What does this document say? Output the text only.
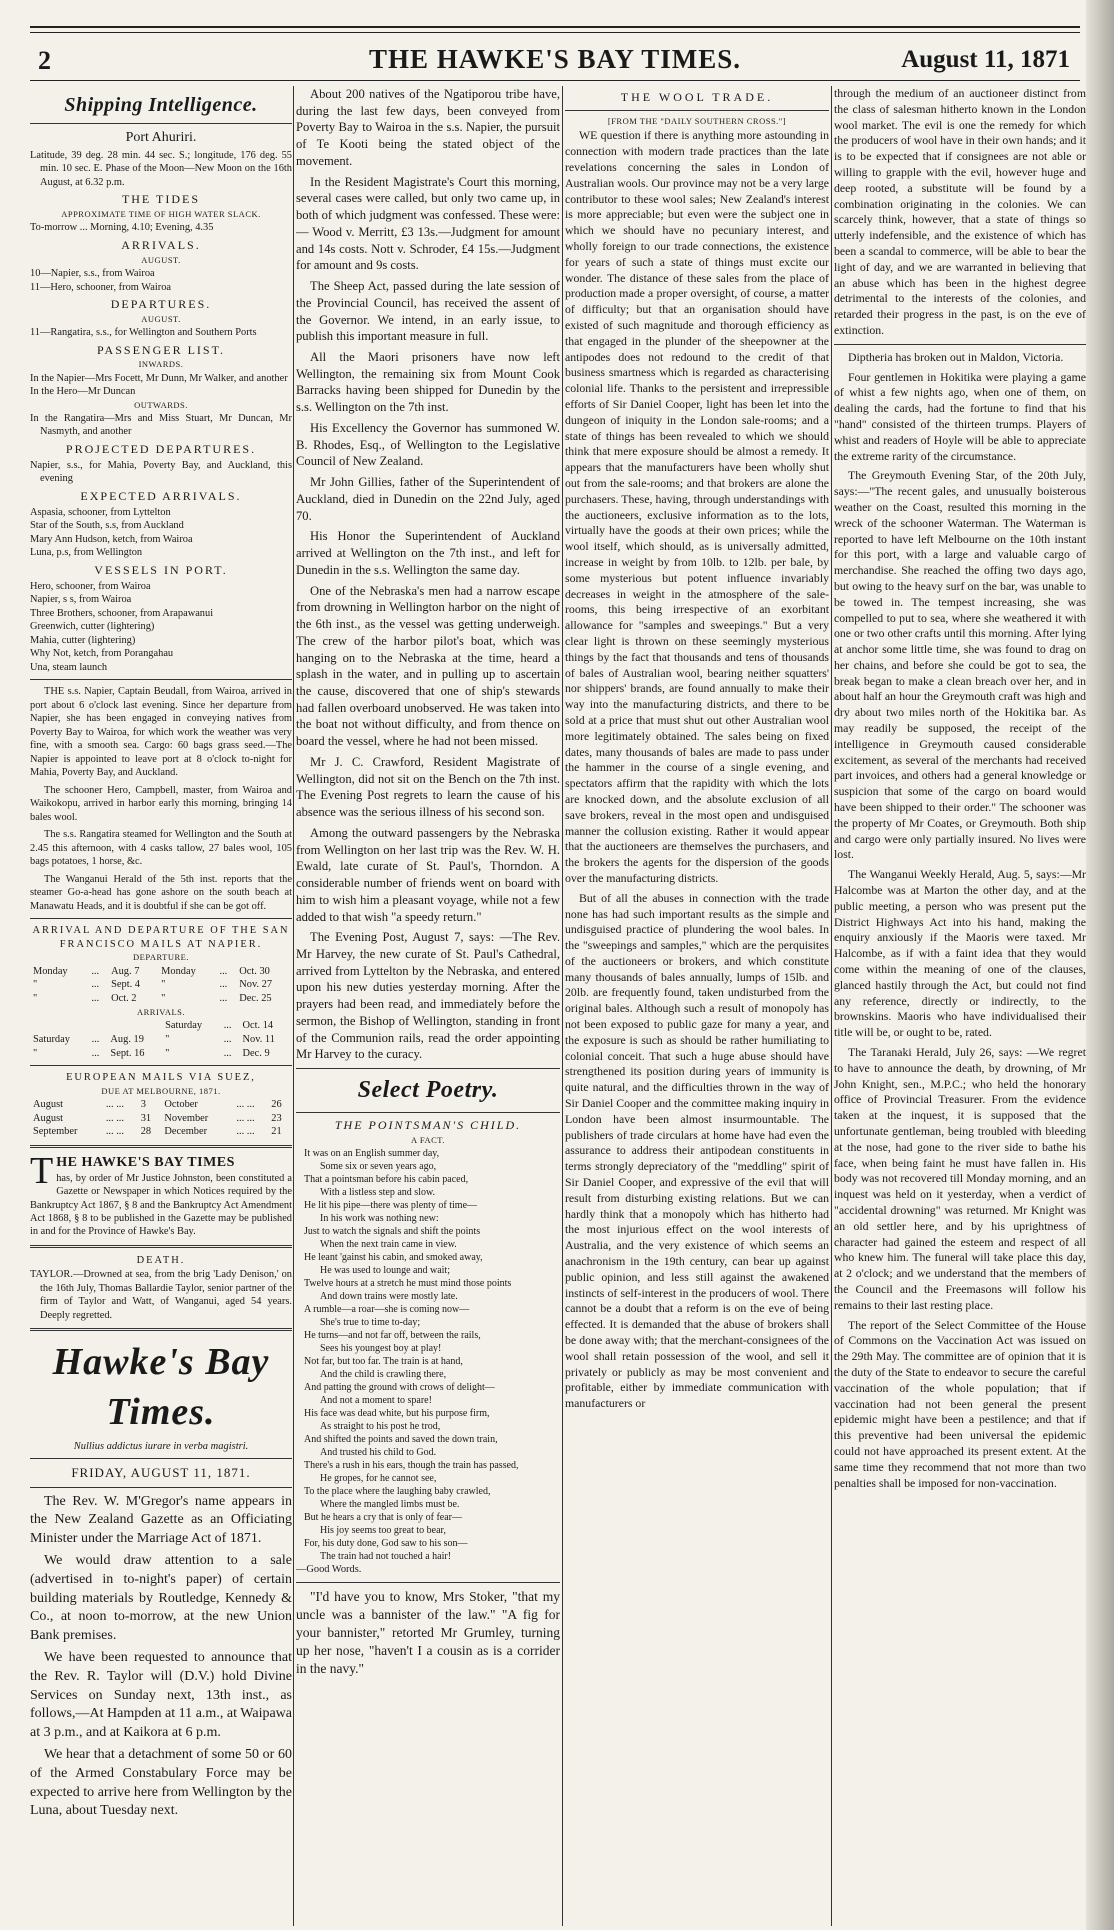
2	THE HAWKE'S BAY TIMES.	August 11, 1871
Shipping Intelligence.
Port Ahuriri.
Latitude, 39 deg. 28 min. 44 sec. S.; longitude, 176 deg. 55 min. 10 sec. E. Phase of the Moon—New Moon on the 16th August, at 6.32 p.m.
THE TIDES
APPROXIMATE TIME OF HIGH WATER SLACK.
To-morrow ... Morning, 4.10; Evening, 4.35
ARRIVALS.
AUGUST.
10—Napier, s.s., from Wairoa
11—Hero, schooner, from Wairoa
DEPARTURES.
AUGUST.
11—Rangatira, s.s., for Wellington and Southern Ports
PASSENGER LIST.
INWARDS.
In the Napier—Mrs Focett, Mr Dunn, Mr Walker, and another
In the Hero—Mr Duncan
OUTWARDS.
In the Rangatira—Mrs and Miss Stuart, Mr Duncan, Mr Nasmyth, and another
PROJECTED DEPARTURES.
Napier, s.s., for Mahia, Poverty Bay, and Auckland, this evening
EXPECTED ARRIVALS.
Aspasia, schooner, from Lyttelton
Star of the South, s.s, from Auckland
Mary Ann Hudson, ketch, from Wairoa
Luna, p.s, from Wellington
VESSELS IN PORT.
Hero, schooner, from Wairoa
Napier, s s, from Wairoa
Three Brothers, schooner, from Arapawanui
Greenwich, cutter (lightering)
Mahia, cutter (lightering)
Why Not, ketch, from Porangahau
Una, steam launch

THE s.s. Napier, Captain Beudall, from Wairoa, arrived in port about 6 o'clock last evening. Since her departure from Napier, she has been engaged in conveying natives from Poverty Bay to Wairoa, for which work the weather was very fine, with a smooth sea. Cargo: 60 bags grass seed.—The Napier is appointed to leave port at 8 o'clock to-night for Mahia, Poverty Bay, and Auckland.

The schooner Hero, Campbell, master, from Wairoa and Waikokopu, arrived in harbor early this morning, bringing 14 bales wool.

The s.s. Rangatira steamed for Wellington and the South at 2.45 this afternoon, with 4 casks tallow, 27 bales wool, 105 bags potatoes, 1 horse, &c.

The Wanganui Herald of the 5th inst. reports that the steamer Go-a-head has gone ashore on the south beach at Manawatu Heads, and it is doubtful if she can be got off.

ARRIVAL AND DEPARTURE OF THE SAN FRANCISCO MAILS AT NAPIER.
DEPARTURE.
Monday	...	Aug. 7	Monday	...	Oct. 30
"	...	Sept. 4	"	...	Nov. 27
"	...	Oct. 2	"	...	Dec. 25
ARRIVALS.
			Saturday	...	Oct. 14
Saturday	...	Aug. 19	"	...	Nov. 11
"	...	Sept. 16	"	...	Dec. 9
EUROPEAN MAILS VIA SUEZ,
DUE AT MELBOURNE, 1871.
August	... ...	3	October	... ...	26
August	... ...	31	November	... ...	23
September	... ...	28	December	... ...	21
T HE HAWKE'S BAY TIMES
has, by order of Mr Justice Johnston, been constituted a Gazette or Newspaper in which Notices required by the Bankruptcy Act 1867, § 8 and the Bankruptcy Act Amendment Act 1868, § 8 to be published in the Gazette may be published in and for the Province of Hawke's Bay.
DEATH.
TAYLOR.—Drowned at sea, from the brig 'Lady Denison,' on the 16th July, Thomas Ballardie Taylor, senior partner of the firm of Taylor and Watt, of Wanganui, aged 54 years. Deeply regretted.
Hawke's Bay Times.
Nullius addictus iurare in verba magistri.
FRIDAY, AUGUST 11, 1871.

The Rev. W. M'Gregor's name appears in the New Zealand Gazette as an Officiating Minister under the Marriage Act of 1871.

We would draw attention to a sale (advertised in to-night's paper) of certain building materials by Routledge, Kennedy & Co., at noon to-morrow, at the new Union Bank premises.

We have been requested to announce that the Rev. R. Taylor will (D.V.) hold Divine Services on Sunday next, 13th inst., as follows,—At Hampden at 11 a.m., at Waipawa at 3 p.m., and at Kaikora at 6 p.m.

We hear that a detachment of some 50 or 60 of the Armed Constabulary Force may be expected to arrive here from Wellington by the Luna, about Tuesday next.

About 200 natives of the Ngatiporou tribe have, during the last few days, been conveyed from Poverty Bay to Wairoa in the s.s. Napier, the pursuit of Te Kooti being the stated object of the movement.

In the Resident Magistrate's Court this morning, several cases were called, but only two came up, in both of which judgment was confessed. These were:— Wood v. Merritt, £3 13s.—Judgment for amount and 14s costs. Nott v. Schroder, £4 15s.—Judgment for amount and 9s costs.

The Sheep Act, passed during the late session of the Provincial Council, has received the assent of the Governor. We intend, in an early issue, to publish this important measure in full.

All the Maori prisoners have now left Wellington, the remaining six from Mount Cook Barracks having been shipped for Dunedin by the s.s. Wellington on the 7th inst.

His Excellency the Governor has summoned W. B. Rhodes, Esq., of Wellington to the Legislative Council of New Zealand.

Mr John Gillies, father of the Superintendent of Auckland, died in Dunedin on the 22nd July, aged 70.

His Honor the Superintendent of Auckland arrived at Wellington on the 7th inst., and left for Dunedin in the s.s. Wellington the same day.

One of the Nebraska's men had a narrow escape from drowning in Wellington harbor on the night of the 6th inst., as the vessel was getting underweigh. The crew of the harbor pilot's boat, which was hanging on to the Nebraska at the time, heard a splash in the water, and in pulling up to ascertain the cause, discovered that one of ship's stewards had fallen overboard unobserved. He was taken into the boat not without difficulty, and from thence on board the vessel, where he had not been missed.

Mr J. C. Crawford, Resident Magistrate of Wellington, did not sit on the Bench on the 7th inst. The Evening Post regrets to learn the cause of his absence was the serious illness of his second son.

Among the outward passengers by the Nebraska from Wellington on her last trip was the Rev. W. H. Ewald, late curate of St. Paul's, Thorndon. A considerable number of friends went on board with him to wish him a pleasant voyage, while not a few added to that wish "a speedy return."

The Evening Post, August 7, says: —The Rev. Mr Harvey, the new curate of St. Paul's Cathedral, arrived from Lyttelton by the Nebraska, and entered upon his new duties yesterday morning. After the prayers had been read, and immediately before the sermon, the Bishop of Wellington, standing in front of the Communion rails, read the order appointing Mr Harvey to the curacy.

Select Poetry.
THE POINTSMAN'S CHILD.
A FACT.
It was on an English summer day,
Some six or seven years ago,
That a pointsman before his cabin paced,
With a listless step and slow.
He lit his pipe—there was plenty of time—
In his work was nothing new:
Just to watch the signals and shift the points
When the next train came in view.
He leant 'gainst his cabin, and smoked away,
He was used to lounge and wait;
Twelve hours at a stretch he must mind those points
And down trains were mostly late.
A rumble—a roar—she is coming now—
She's true to time to-day;
He turns—and not far off, between the rails,
Sees his youngest boy at play!
Not far, but too far. The train is at hand,
And the child is crawling there,
And patting the ground with crows of delight—
And not a moment to spare!
His face was dead white, but his purpose firm,
As straight to his post he trod,
And shifted the points and saved the down train,
And trusted his child to God.
There's a rush in his ears, though the train has passed,
He gropes, for he cannot see,
To the place where the laughing baby crawled,
Where the mangled limbs must be.
But he hears a cry that is only of fear—
His joy seems too great to bear,
For, his duty done, God saw to his son—
The train had not touched a hair!
—Good Words.

"I'd have you to know, Mrs Stoker, "that my uncle was a bannister of the law." "A fig for your bannister," retorted Mr Grumley, turning up her nose, "haven't I a cousin as is a corrider in the navy."

THE WOOL TRADE.
[FROM THE "DAILY SOUTHERN CROSS."]

WE question if there is anything more astounding in connection with modern trade practices than the late revelations concerning the sales in London of Australian wools. Our province may not be a very large contributor to these wool sales; New Zealand's interest is more appreciable; but even were the subject one in which we should have no pecuniary interest, and wholly foreign to our trade connections, the existence for years of such a state of things must excite our wonder. The distance of these sales from the place of production made a proper oversight, of course, a matter of difficulty; but that an organisation should have existed of such magnitude and thorough efficiency as that engaged in the plunder of the sheepowner at the antipodes does not redound to the credit of that business smartness which is regarded as characterising colonial life. Thanks to the persistent and irrepressible efforts of Sir Daniel Cooper, light has been let into the dungeon of iniquity in the London sale-rooms; and a state of things has been revealed to which we should think that mere exposure should be almost a remedy. It appears that the manufacturers have been wholly shut out from the sale-rooms; and that brokers are alone the purchasers. These, having, through understandings with the auctioneers, exclusive information as to the lots, virtually have the goods at their own prices; while the wool itself, which should, as is universally admitted, increase in weight by from 10lb. to 12lb. per bale, by some mysterious but potent influence invariably decreases in weight in the atmosphere of the sale-rooms, this being irrespective of an exorbitant allowance for "samples and sweepings." But a very clear light is thrown on these seemingly mysterious things by the fact that thousands and tens of thousands of bales of Australian wool, bearing neither squatters' nor shippers' brands, are found annually to make their way into the manufacturing districts, and there to be sold at a price that must shut out other Australian wool more legitimately obtained. The sales being on fixed dates, many thousands of bales are made to pass under the hammer in the course of a single evening, and spectators affirm that the rapidity with which the lots are knocked down, and the absolute exclusion of all save brokers, reveal in the most open and undisguised manner the collusion existing. Rather it would appear that the auctioneers are themselves the purchasers, and the brokers the agents for the dispersion of the goods over the manufacturing districts.

But of all the abuses in connection with the trade none has had such important results as the simple and undisguised practice of plundering the wool bales. In the "sweepings and samples," which are the perquisites of the auctioneers or brokers, and which constitute many thousands of bales annually, lumps of 15lb. and 20lb. are frequently found, taken undisturbed from the original bales. Although such a result of monopoly has not been exposed to public gaze for many a year, and the exposure is such as should be rather humiliating to colonial conceit. That such a huge abuse should have strengthened its position during years of immunity is quite natural, and the difficulties thrown in the way of Sir Daniel Cooper and the committee making inquiry in London have been almost insurmountable. The publishers of trade circulars at home have had even the assurance to address their antipodean constituents in terms strongly depreciatory of the "meddling" spirit of Sir Daniel Cooper, and expressive of the evil that will result from disturbing existing relations. But we can hardly think that a monopoly which has hitherto had the most injurious effect on the wool interests of Australia, and the very existence of which seems an anachronism in the 19th century, can bear up against public opinion, and less still against the awakened instincts of self-interest in the producers of wool. There cannot be a doubt that a reform is on the eve of being effected. It is demanded that the abuse of brokers shall be done away with; that the merchant-consignees of the wool shall retain possession of the wool, and sell it privately or publicly as may be most convenient and profitable, either by immediate communication with manufacturers or

through the medium of an auctioneer distinct from the class of salesman hitherto known in the London wool market. The evil is one the remedy for which the producers of wool have in their own hands; and it is to be expected that if consignees are not able or willing to grapple with the evil, however huge and deep rooted, a substitute will be found by a combination originating in the colonies. We can scarcely think, however, that a state of things so utterly indefensible, and the existence of which has been a scandal to commerce, will be able to bear the light of day, and we are warranted in believing that an abuse which has been in the highest degree detrimental to the interests of the colonies, and retarded their progress in the past, is on the eve of extinction.

Diptheria has broken out in Maldon, Victoria.

Four gentlemen in Hokitika were playing a game of whist a few nights ago, when one of them, on dealing the cards, had the fortune to find that his "hand" consisted of the thirteen trumps. Players of whist and readers of Hoyle will be able to appreciate the extreme rarity of the circumstance.

The Greymouth Evening Star, of the 20th July, says:—"The recent gales, and unusually boisterous weather on the Coast, resulted this morning in the wreck of the schooner Waterman. The Waterman is reported to have left Melbourne on the 10th instant for this port, with a large and valuable cargo of merchandise. She reached the offing two days ago, but owing to the heavy surf on the bar, was unable to be towed in. The tempest increasing, she was compelled to put to sea, where she weathered it with one or two other crafts until this morning. After lying at anchor some little time, she was found to drag on her chains, and before she could be got to sea, the break began to make a clean breach over her, and in about half an hour the Greymouth craft was high and dry about two miles north of the Hokitika bar. As may readily be supposed, the receipt of the intelligence in Greymouth caused considerable excitement, as several of the merchants had received part invoices, and others had a general knowledge or suspicion that some of the cargo on board would have been shipped to their order." The schooner was the property of Mr Coates, or Greymouth. Both ship and cargo were only partially insured. No lives were lost.

The Wanganui Weekly Herald, Aug. 5, says:—Mr Halcombe was at Marton the other day, and at the public meeting, a person who was present put the District Highways Act into his hand, making the enquiry anxiously if the Maoris were taxed. Mr Halcombe, as if with a faint idea that they would come within the meaning of one of the clauses, glanced hastily through the Act, but could not find any reference, directly or indirectly, to the brownskins. Maoris who have individualised their title will be, or ought to be, rated.

The Taranaki Herald, July 26, says: —We regret to have to announce the death, by drowning, of Mr John Knight, sen., M.P.C.; who held the honorary office of Provincial Treasurer. From the evidence taken at the inquest, it is supposed that the unfortunate gentleman, being troubled with bleeding at the nose, had gone to the river side to bathe his face, when being faint he must have fallen in. His body was not recovered till Monday morning, and an inquest was held on it yesterday, when a verdict of "accidental drowning" was returned. Mr Knight was an old settler here, and by his uprightness of character had gained the esteem and respect of all who knew him. The funeral will take place this day, at 2 o'clock; and we understand that the members of the Council and the Freemasons will follow his remains to their last resting place.

The report of the Select Committee of the House of Commons on the Vaccination Act was issued on the 29th May. The committee are of opinion that it is the duty of the State to endeavor to secure the careful vaccination of the whole population; that if vaccination had not been general the present epidemic might have been a pestilence; and that if this preventive had been universal the epidemic could not have approached its present extent. At the same time they recommend that not more than two penalties shall be imposed for non-vaccination.
